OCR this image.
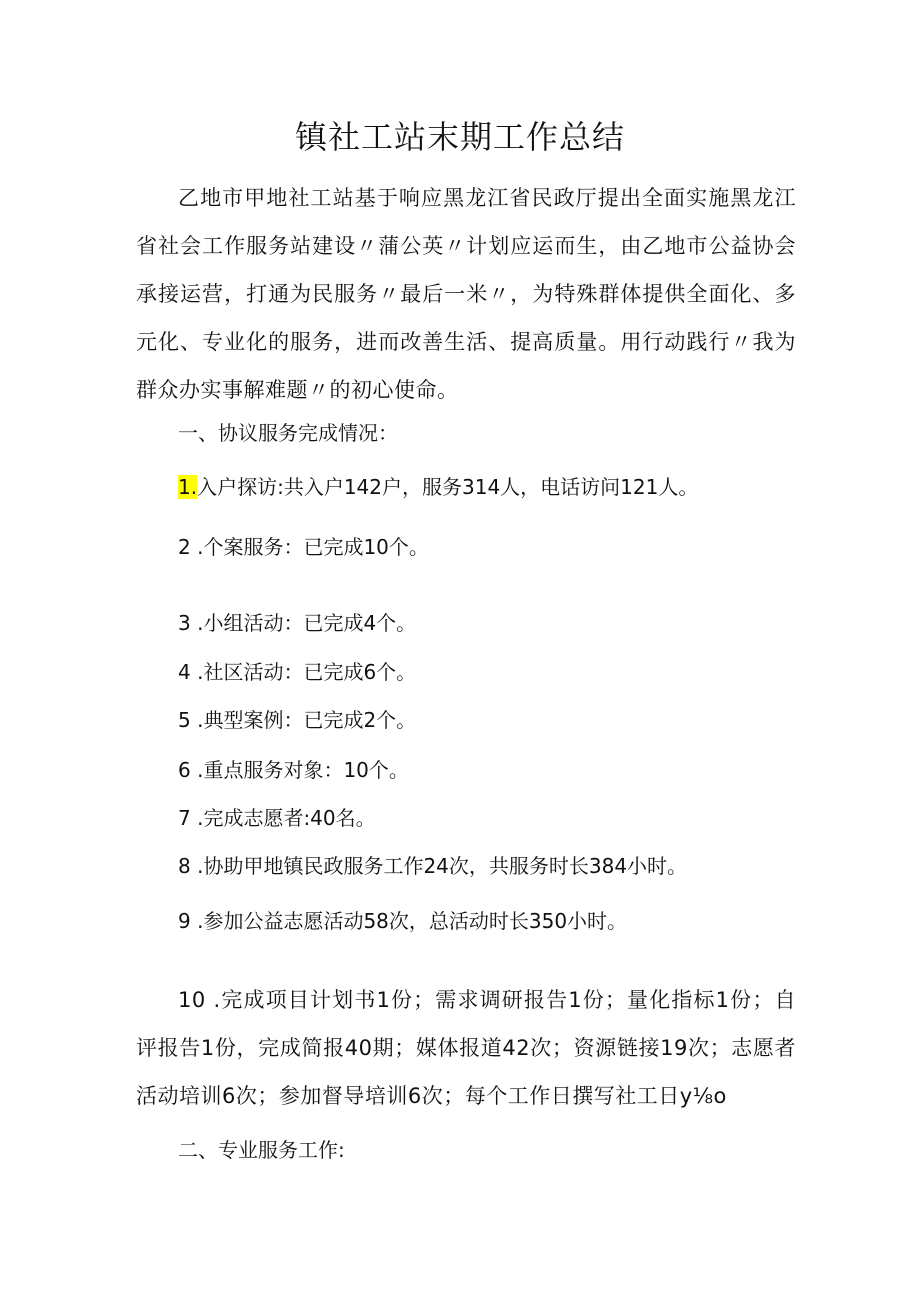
镇社工站末期工作总结

乙地市甲地社工站基于响应黑龙江省民政厅提出全面实施黑龙江省社会工作服务站建设〃蒲公英〃计划应运而生，由乙地市公益协会承接运营，打通为民服务〃最后一米〃，为特殊群体提供全面化、多元化、专业化的服务，进而改善生活、提高质量。用行动践行〃我为群众办实事解难题〃的初心使命。

一、协议服务完成情况：

1.入户探访:共入户142户，服务314人，电话访问121人。

2 .个案服务：已完成10个。

3 .小组活动：已完成4个。

4 .社区活动：已完成6个。

5 .典型案例：已完成2个。

6 .重点服务对象：10个。

7 .完成志愿者:40名。

8 .协助甲地镇民政服务工作24次，共服务时长384小时。

9 .参加公益志愿活动58次，总活动时长350小时。

10 .完成项目计划书1份；需求调研报告1份；量化指标1份；自评报告1份，完成简报40期；媒体报道42次；资源链接19次；志愿者活动培训6次；参加督导培训6次；每个工作日撰写社工日y⅛o

二、专业服务工作:
